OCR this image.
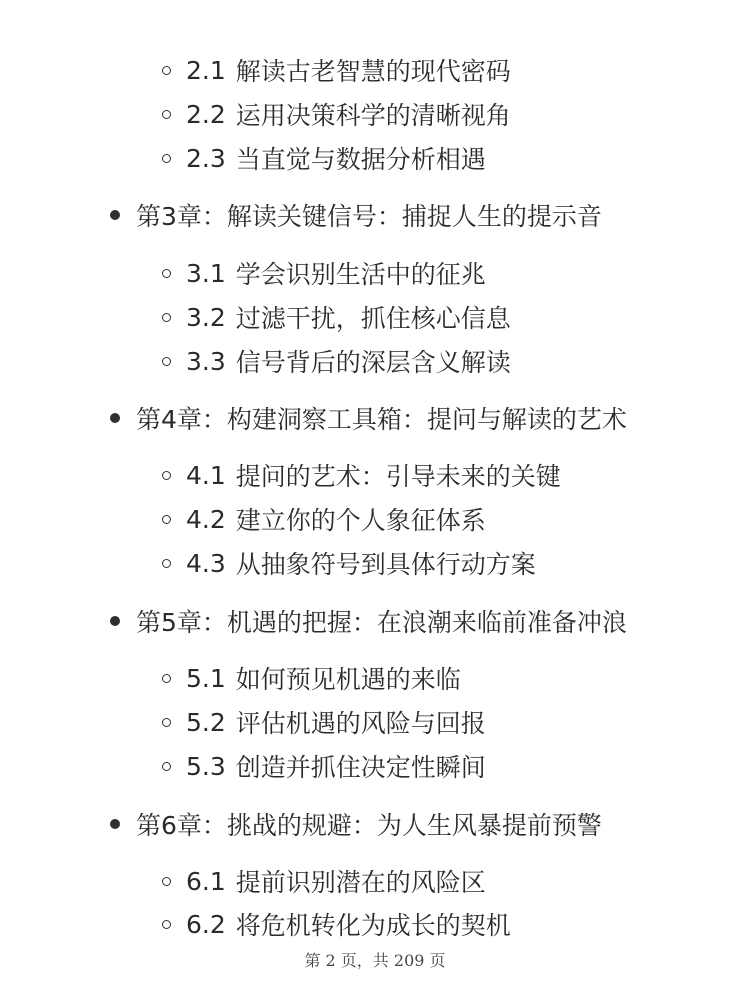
2.1 解读古老智慧的现代密码
2.2 运用决策科学的清晰视角
2.3 当直觉与数据分析相遇
第3章：解读关键信号：捕捉人生的提示音
3.1 学会识别生活中的征兆
3.2 过滤干扰，抓住核心信息
3.3 信号背后的深层含义解读
第4章：构建洞察工具箱：提问与解读的艺术
4.1 提问的艺术：引导未来的关键
4.2 建立你的个人象征体系
4.3 从抽象符号到具体行动方案
第5章：机遇的把握：在浪潮来临前准备冲浪
5.1 如何预见机遇的来临
5.2 评估机遇的风险与回报
5.3 创造并抓住决定性瞬间
第6章：挑战的规避：为人生风暴提前预警
6.1 提前识别潜在的风险区
6.2 将危机转化为成长的契机
第 2 页，共 209 页
